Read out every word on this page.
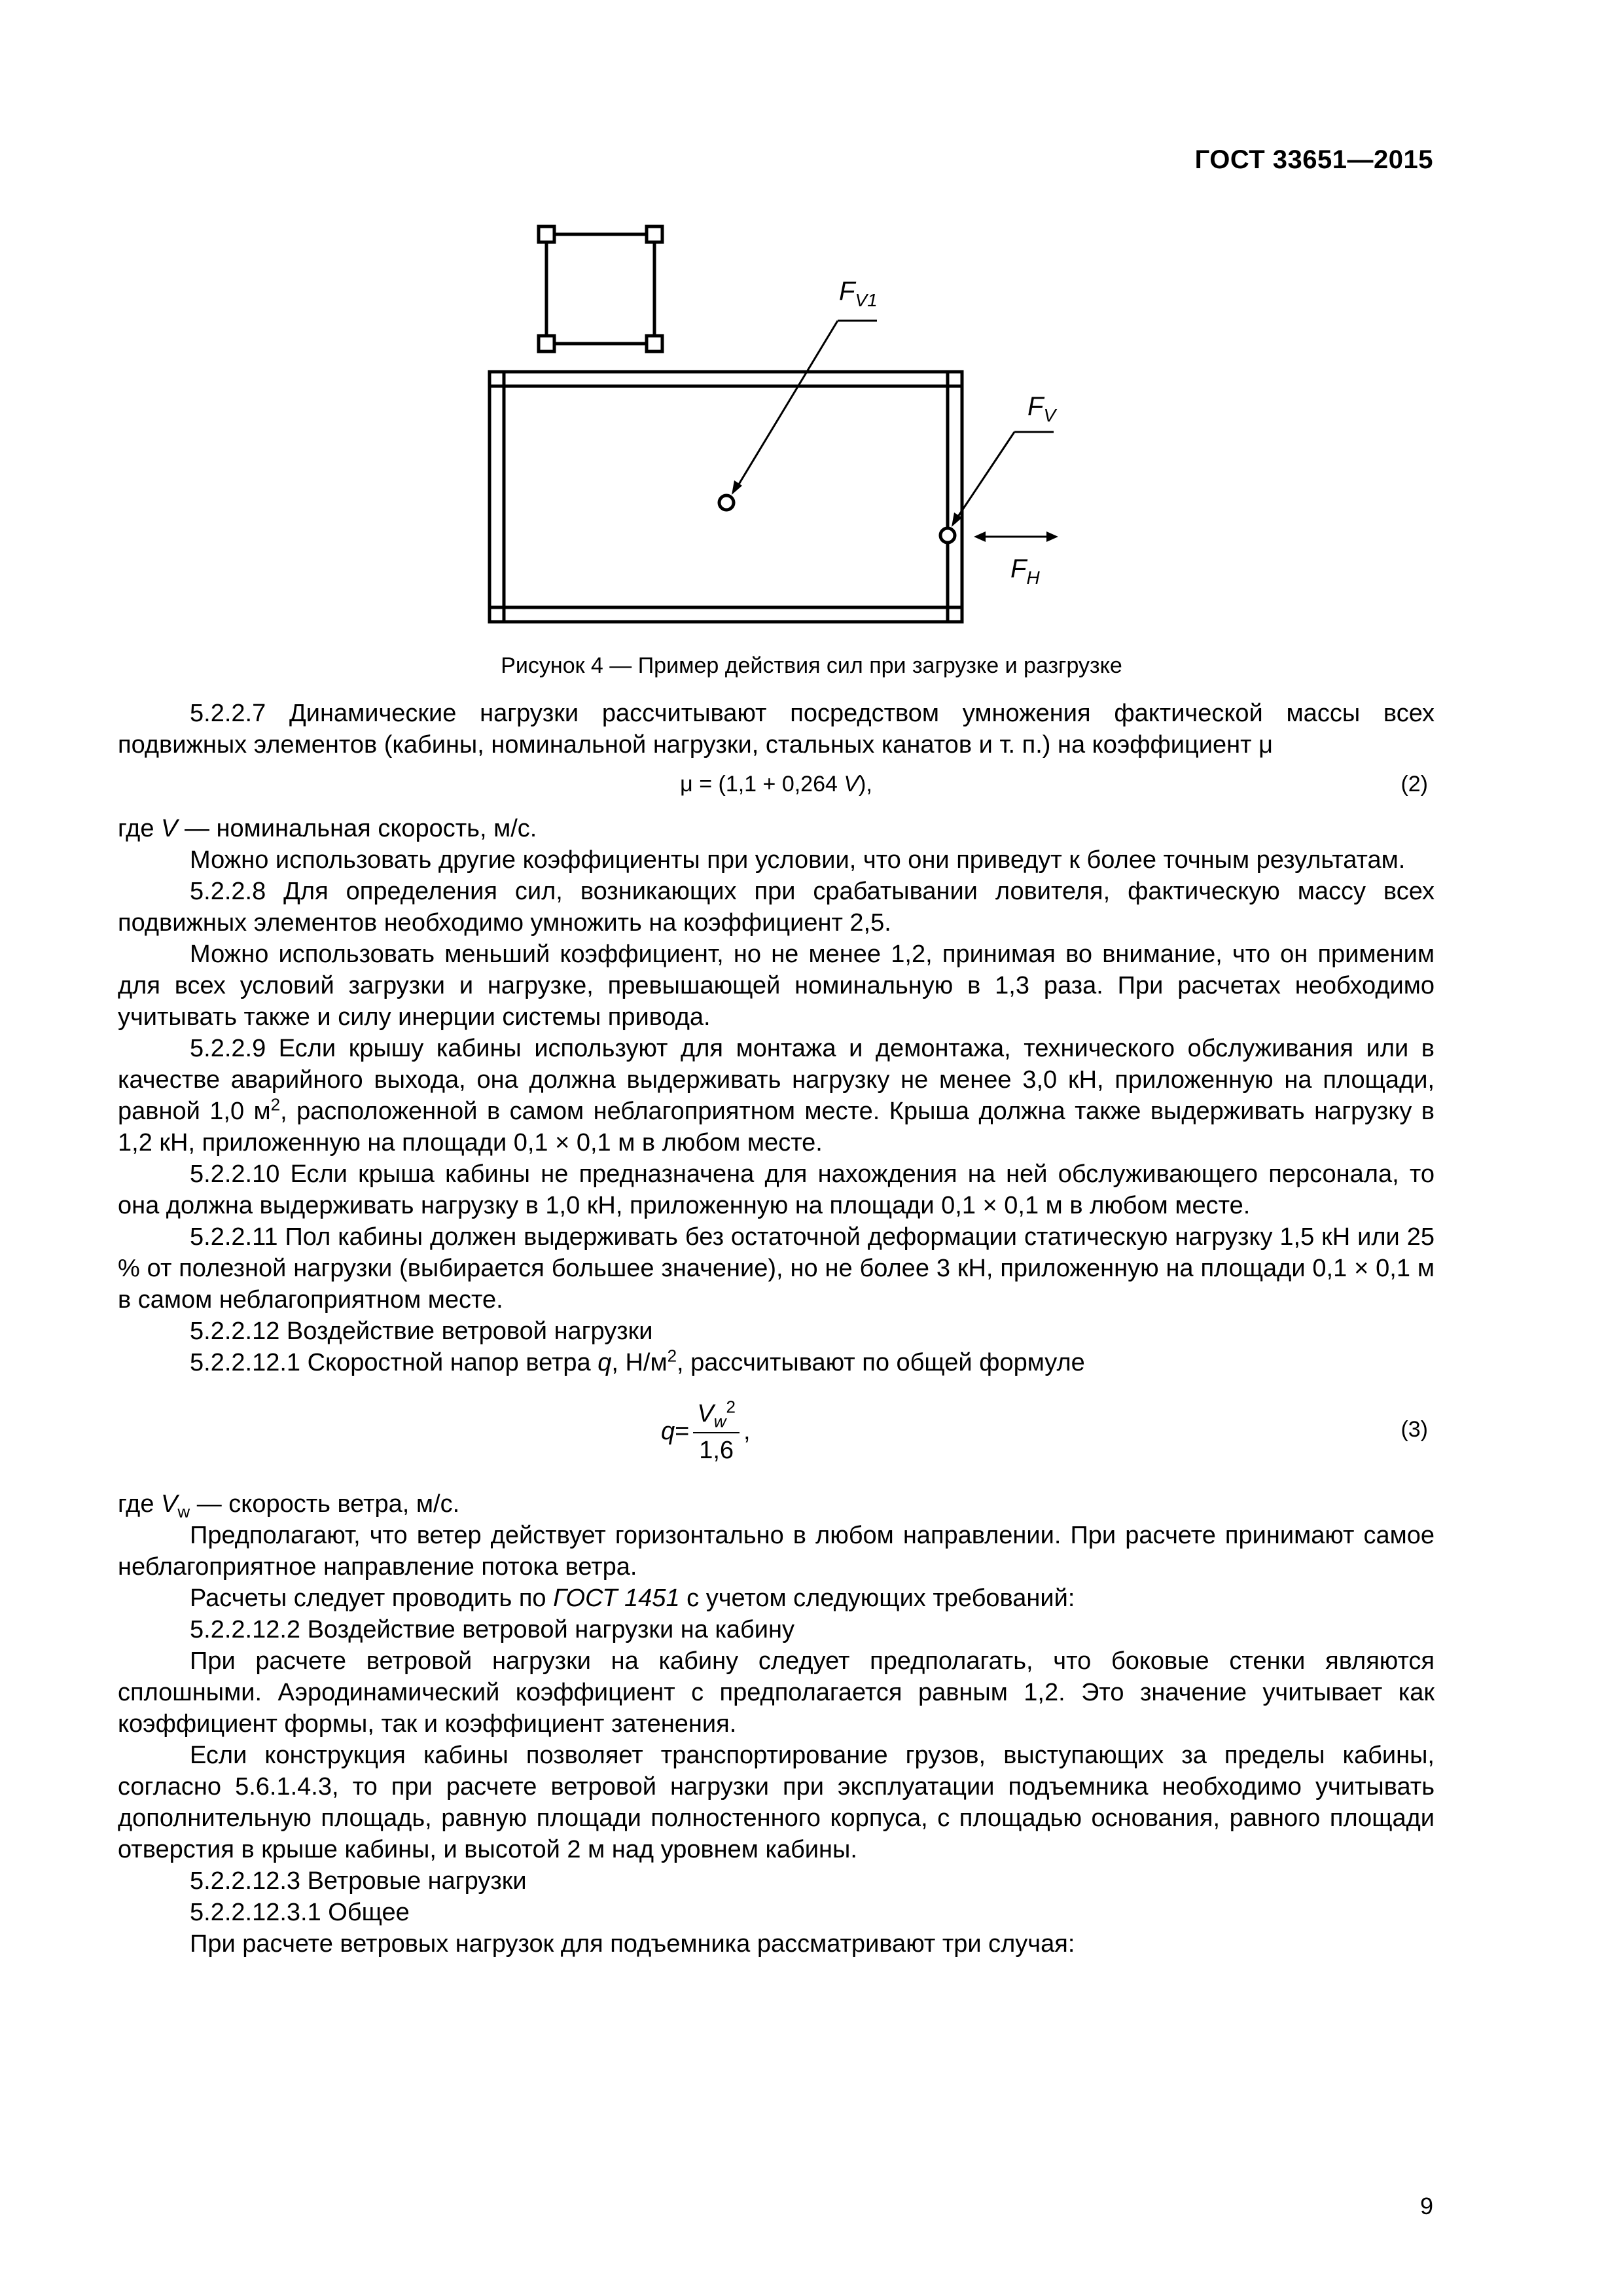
ГОСТ 33651—2015
$F_{V1}$
$F_V$
$F_H$
Рисунок 4 — Пример действия сил при загрузке и разгрузке

5.2.2.7 Динамические нагрузки рассчитывают посредством умножения фактической массы всех подвижных элементов (кабины, номинальной нагрузки, стальных канатов и т. п.) на коэффициент μ

μ = (1,1 + 0,264 V),	(2)

где V — номинальная скорость, м/с.

Можно использовать другие коэффициенты при условии, что они приведут к более точным результатам.

5.2.2.8 Для определения сил, возникающих при срабатывании ловителя, фактическую массу всех подвижных элементов необходимо умножить на коэффициент 2,5.

Можно использовать меньший коэффициент, но не менее 1,2, принимая во внимание, что он применим для всех условий загрузки и нагрузке, превышающей номинальную в 1,3 раза. При расчетах необходимо учитывать также и силу инерции системы привода.

5.2.2.9 Если крышу кабины используют для монтажа и демонтажа, технического обслуживания или в качестве аварийного выхода, она должна выдерживать нагрузку не менее 3,0 кН, приложенную на площади, равной 1,0 $м^2$, расположенной в самом неблагоприятном месте. Крыша должна также выдерживать нагрузку в 1,2 кН, приложенную на площади 0,1 × 0,1 м в любом месте.

5.2.2.10 Если крыша кабины не предназначена для нахождения на ней обслуживающего персонала, то она должна выдерживать нагрузку в 1,0 кН, приложенную на площади 0,1 × 0,1 м в любом месте.

5.2.2.11 Пол кабины должен выдерживать без остаточной деформации статическую нагрузку 1,5 кН или 25 % от полезной нагрузки (выбирается большее значение), но не более 3 кН, приложенную на площади 0,1 × 0,1 м в самом неблагоприятном месте.

5.2.2.12 Воздействие ветровой нагрузки

5.2.2.12.1 Скоростной напор ветра q, $Н/м^2$, рассчитывают по общей формуле

$q = \frac{V_w^2}{1,6}$ ,	(3)

где $V_w$ — скорость ветра, м/с.

Предполагают, что ветер действует горизонтально в любом направлении. При расчете принимают самое неблагоприятное направление потока ветра.

Расчеты следует проводить по ГОСТ 1451 с учетом следующих требований:

5.2.2.12.2 Воздействие ветровой нагрузки на кабину

При расчете ветровой нагрузки на кабину следует предполагать, что боковые стенки являются сплошными. Аэродинамический коэффициент с предполагается равным 1,2. Это значение учитывает как коэффициент формы, так и коэффициент затенения.

Если конструкция кабины позволяет транспортирование грузов, выступающих за пределы кабины, согласно 5.6.1.4.3, то при расчете ветровой нагрузки при эксплуатации подъемника необходимо учитывать дополнительную площадь, равную площади полностенного корпуса, с площадью основания, равного площади отверстия в крыше кабины, и высотой 2 м над уровнем кабины.

5.2.2.12.3 Ветровые нагрузки

5.2.2.12.3.1 Общее

При расчете ветровых нагрузок для подъемника рассматривают три случая:

9
